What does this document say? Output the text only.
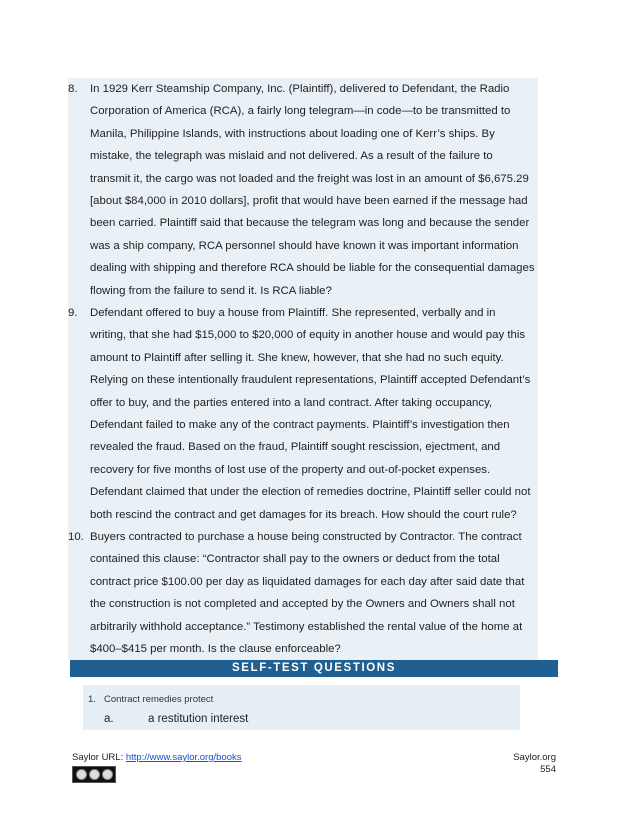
8.	In 1929 Kerr Steamship Company, Inc. (Plaintiff), delivered to Defendant, the Radio
Corporation of America (RCA), a fairly long telegram—in code—to be transmitted to
Manila, Philippine Islands, with instructions about loading one of Kerr’s ships. By
mistake, the telegraph was mislaid and not delivered. As a result of the failure to
transmit it, the cargo was not loaded and the freight was lost in an amount of $6,675.29
[about $84,000 in 2010 dollars], profit that would have been earned if the message had
been carried. Plaintiff said that because the telegram was long and because the sender
was a ship company, RCA personnel should have known it was important information
dealing with shipping and therefore RCA should be liable for the consequential damages
flowing from the failure to send it. Is RCA liable?
9.	Defendant offered to buy a house from Plaintiff. She represented, verbally and in
writing, that she had $15,000 to $20,000 of equity in another house and would pay this
amount to Plaintiff after selling it. She knew, however, that she had no such equity.
Relying on these intentionally fraudulent representations, Plaintiff accepted Defendant’s
offer to buy, and the parties entered into a land contract. After taking occupancy,
Defendant failed to make any of the contract payments. Plaintiff’s investigation then
revealed the fraud. Based on the fraud, Plaintiff sought rescission, ejectment, and
recovery for five months of lost use of the property and out-of-pocket expenses.
Defendant claimed that under the election of remedies doctrine, Plaintiff seller could not
both rescind the contract and get damages for its breach. How should the court rule?
10. Buyers contracted to purchase a house being constructed by Contractor. The contract
contained this clause: “Contractor shall pay to the owners or deduct from the total
contract price $100.00 per day as liquidated damages for each day after said date that
the construction is not completed and accepted by the Owners and Owners shall not
arbitrarily withhold acceptance.” Testimony established the rental value of the home at
$400–$415 per month. Is the clause enforceable?
SELF-TEST QUESTIONS
1. Contract remedies protect
a.	a restitution interest
Saylor URL: http://www.saylor.org/books	Saylor.org
554
